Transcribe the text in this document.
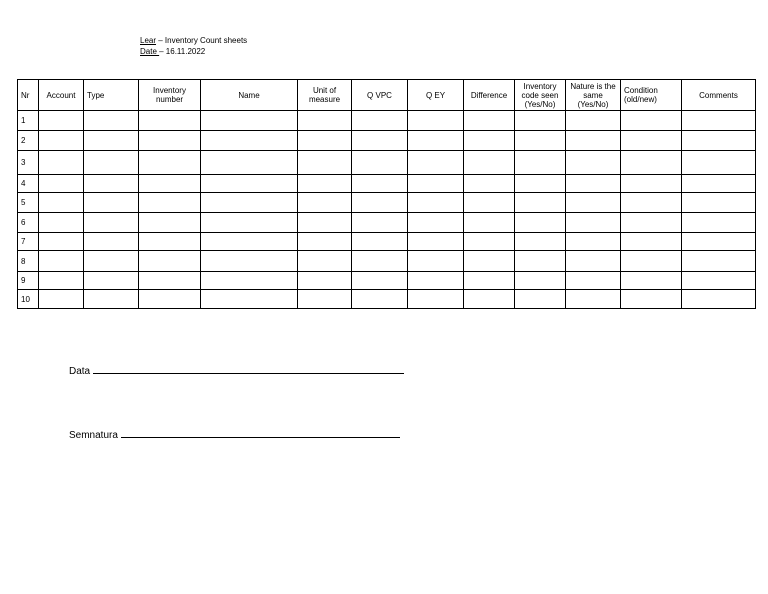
Lear – Inventory Count sheets
Date – 16.11.2022
Nr	Account	Type	Inventory number	Name	Unit of measure	Q VPC	Q EY	Difference	Inventory code seen (Yes/No)	Nature is the same (Yes/No)	Condition (old/new)	Comments
1												
2												
3												
4												
5												
6												
7												
8												
9												
10												
Data
Semnatura
